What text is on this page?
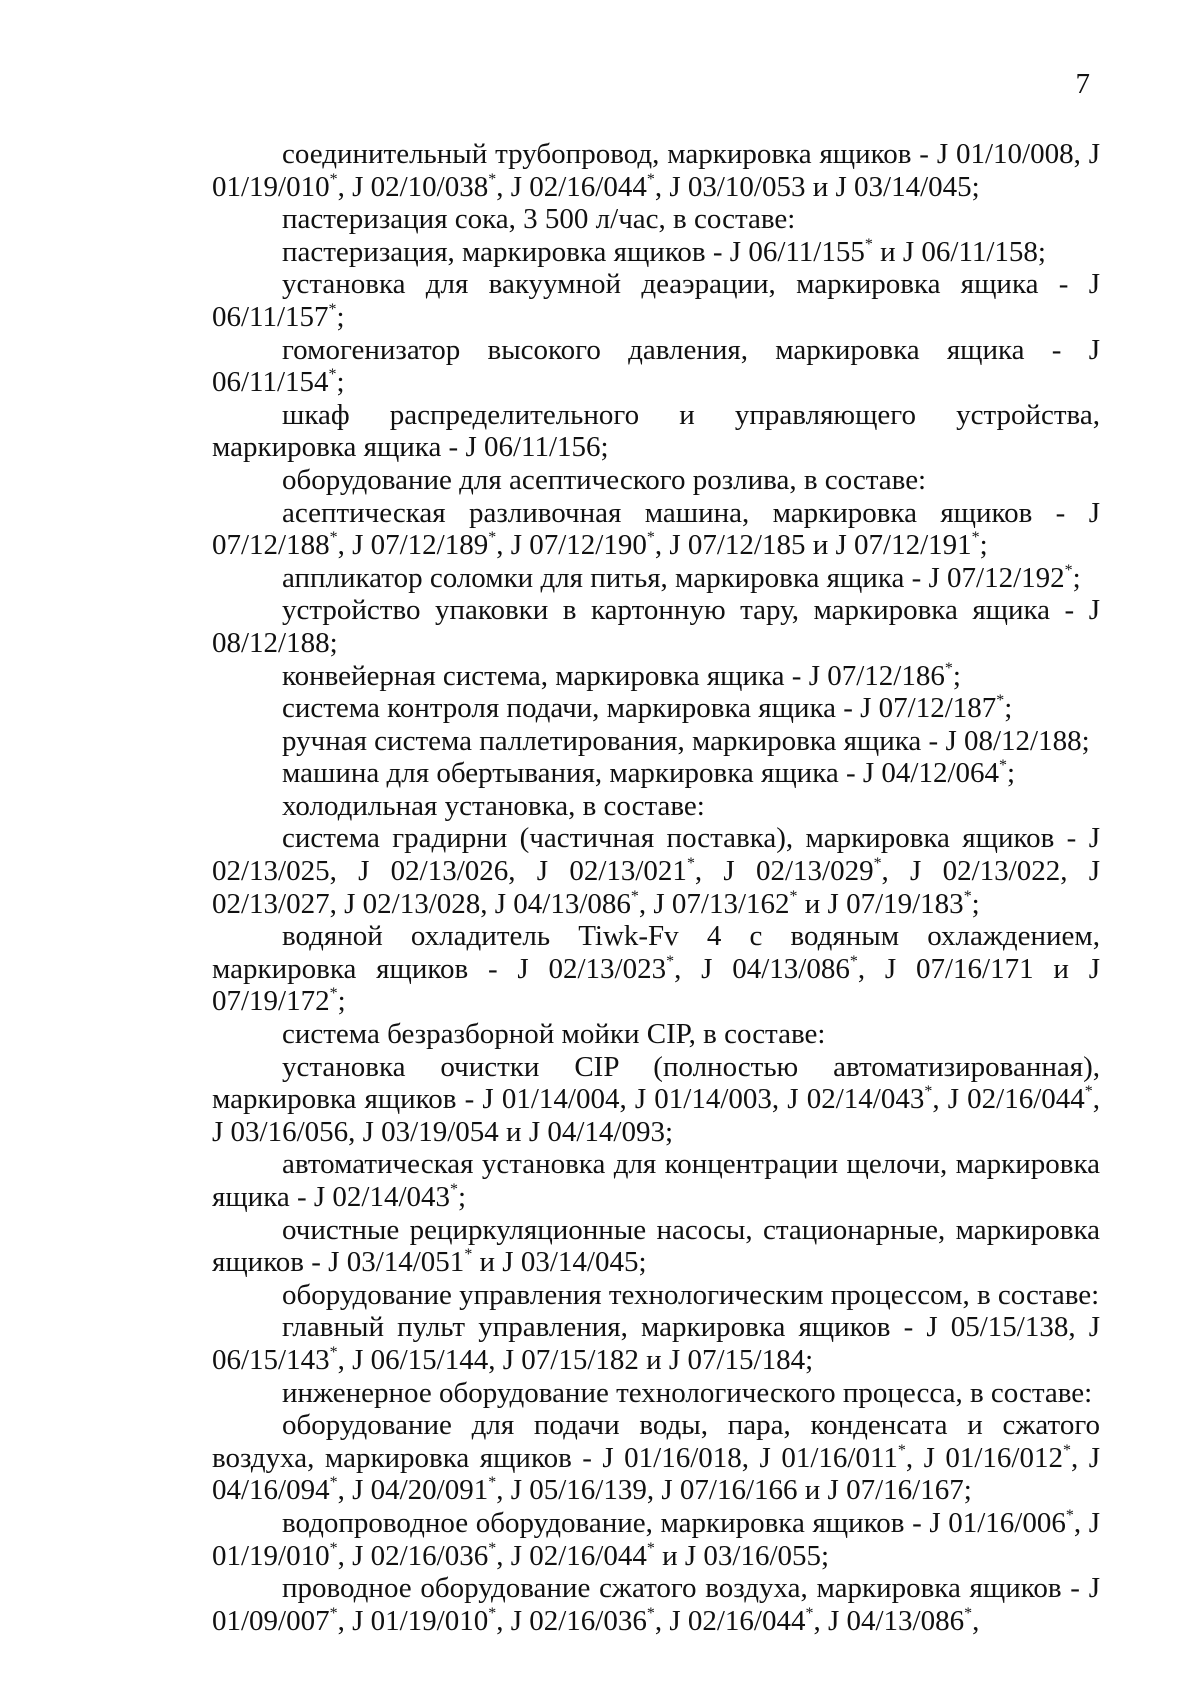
7

соединительный трубопровод, маркировка ящиков - J 01/10/008, J 01/19/010*, J 02/10/038*, J 02/16/044*, J 03/10/053 и J 03/14/045;

пастеризация сока, 3 500 л/час, в составе:

пастеризация, маркировка ящиков - J 06/11/155* и J 06/11/158;

установка для вакуумной деаэрации, маркировка ящика - J 06/11/157*;

гомогенизатор высокого давления, маркировка ящика - J 06/11/154*;

шкаф распределительного и управляющего устройства, маркировка ящика - J 06/11/156;

оборудование для асептического розлива, в составе:

асептическая разливочная машина, маркировка ящиков - J 07/12/188*, J 07/12/189*, J 07/12/190*, J 07/12/185 и J 07/12/191*;

аппликатор соломки для питья, маркировка ящика - J 07/12/192*;

устройство упаковки в картонную тару, маркировка ящика - J 08/12/188;

конвейерная система, маркировка ящика - J 07/12/186*;

система контроля подачи, маркировка ящика - J 07/12/187*;

ручная система паллетирования, маркировка ящика - J 08/12/188;

машина для обертывания, маркировка ящика - J 04/12/064*;

холодильная установка, в составе:

система градирни (частичная поставка), маркировка ящиков - J 02/13/025, J 02/13/026, J 02/13/021*, J 02/13/029*, J 02/13/022, J 02/13/027, J 02/13/028, J 04/13/086*, J 07/13/162* и J 07/19/183*;

водяной охладитель Tiwk-Fv 4 с водяным охлаждением, маркировка ящиков - J 02/13/023*, J 04/13/086*, J 07/16/171 и J 07/19/172*;

система безразборной мойки CIP, в составе:

установка очистки CIP (полностью автоматизированная), маркировка ящиков - J 01/14/004, J 01/14/003, J 02/14/043*, J 02/16/044*, J 03/16/056, J 03/19/054 и J 04/14/093;

автоматическая установка для концентрации щелочи, маркировка ящика - J 02/14/043*;

очистные рециркуляционные насосы, стационарные, маркировка ящиков - J 03/14/051* и J 03/14/045;

оборудование управления технологическим процессом, в составе:

главный пульт управления, маркировка ящиков - J 05/15/138, J 06/15/143*, J 06/15/144, J 07/15/182 и J 07/15/184;

инженерное оборудование технологического процесса, в составе:

оборудование для подачи воды, пара, конденсата и сжатого воздуха, маркировка ящиков - J 01/16/018, J 01/16/011*, J 01/16/012*, J 04/16/094*, J 04/20/091*, J 05/16/139, J 07/16/166 и J 07/16/167;

водопроводное оборудование, маркировка ящиков - J 01/16/006*, J 01/19/010*, J 02/16/036*, J 02/16/044* и J 03/16/055;

проводное оборудование сжатого воздуха, маркировка ящиков - J 01/09/007*, J 01/19/010*, J 02/16/036*, J 02/16/044*, J 04/13/086*,
